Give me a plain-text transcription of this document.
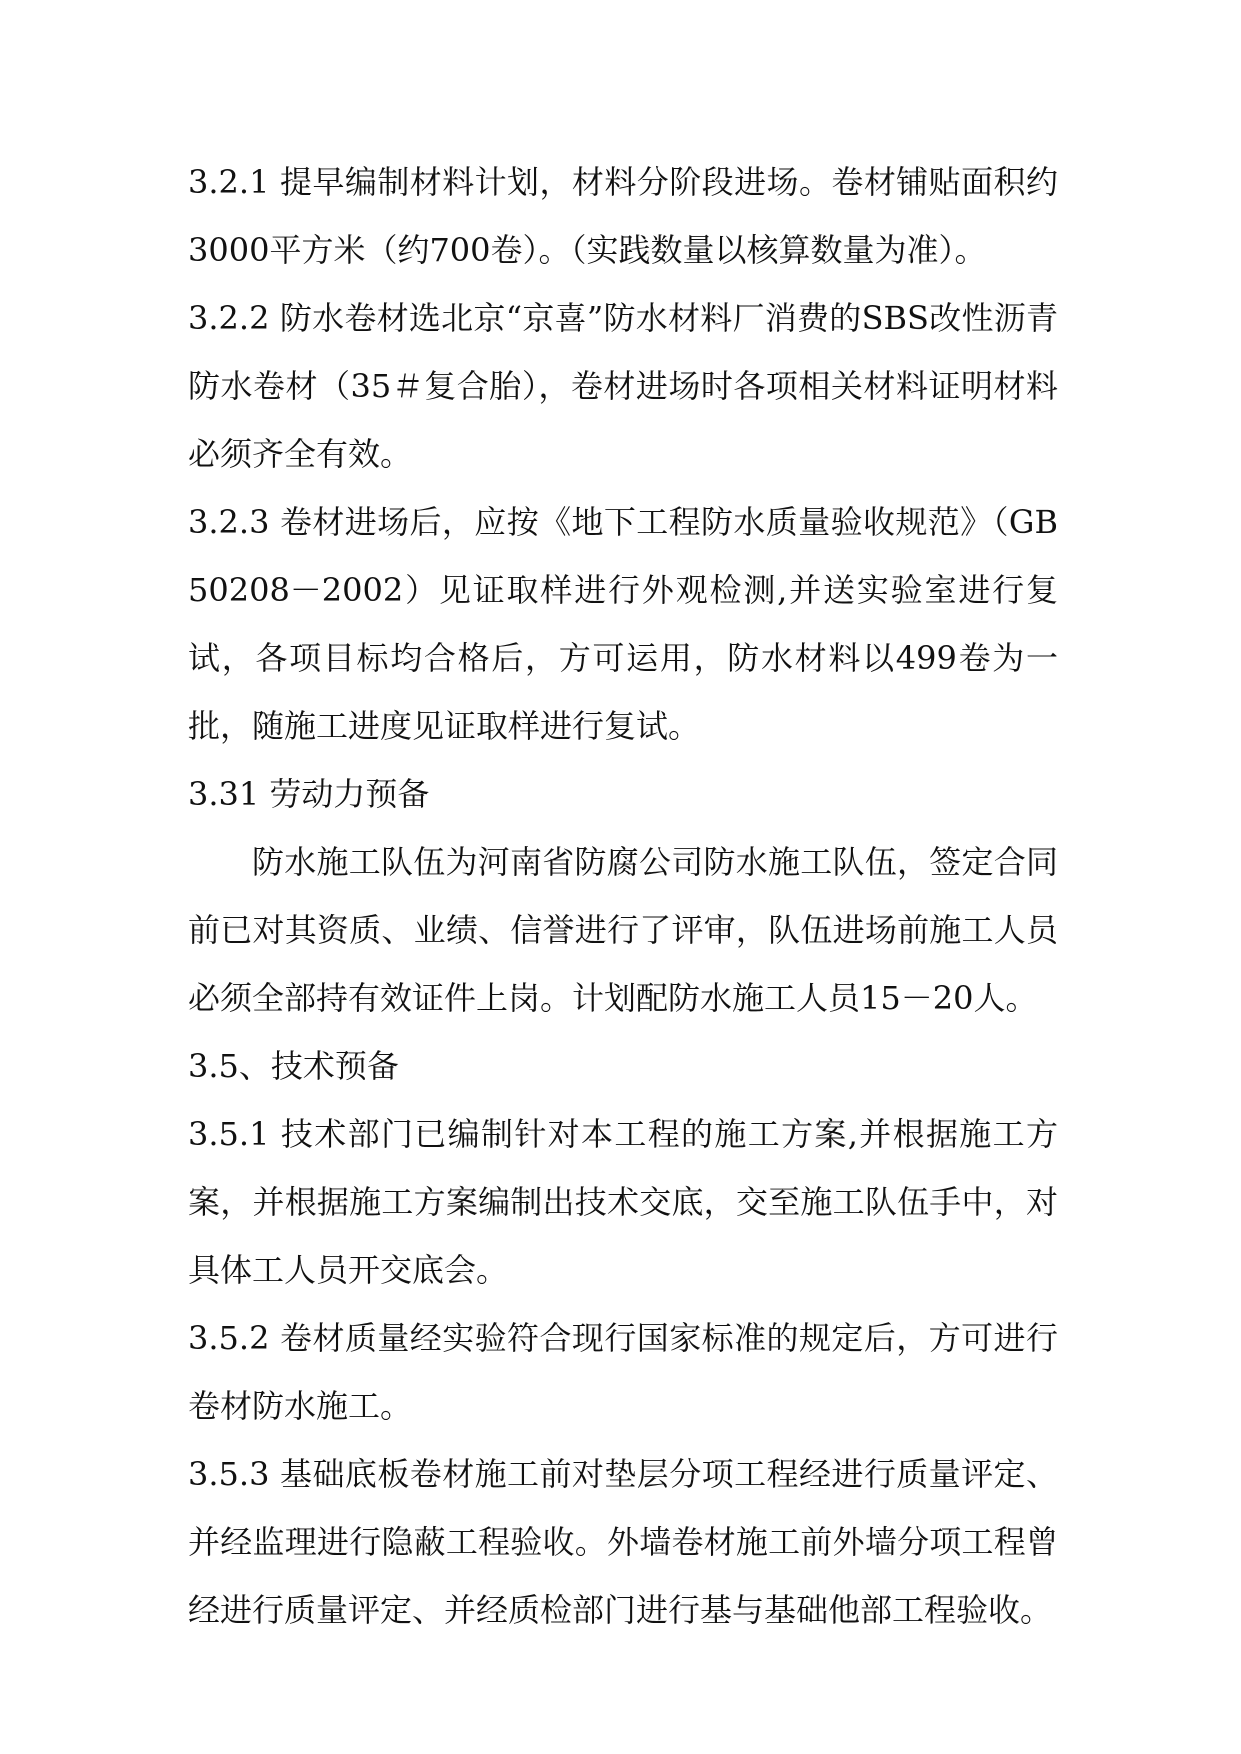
3.2.1 提早编制材料计划，材料分阶段进场。卷材铺贴面积约3000平方米（约700卷）。（实践数量以核算数量为准）。

3.2.2 防水卷材选北京“京喜”防水材料厂消费的SBS改性沥青防水卷材（35＃复合胎），卷材进场时各项相关材料证明材料必须齐全有效。

3.2.3 卷材进场后，应按《地下工程防水质量验收规范》（GB50208－2002）见证取样进行外观检测,并送实验室进行复试，各项目标均合格后，方可运用，防水材料以499卷为一批，随施工进度见证取样进行复试。

3.31 劳动力预备

防水施工队伍为河南省防腐公司防水施工队伍，签定合同前已对其资质、业绩、信誉进行了评审，队伍进场前施工人员必须全部持有效证件上岗。计划配防水施工人员15－20人。

3.5、技术预备

3.5.1 技术部门已编制针对本工程的施工方案,并根据施工方案，并根据施工方案编制出技术交底，交至施工队伍手中，对具体工人员开交底会。

3.5.2 卷材质量经实验符合现行国家标准的规定后，方可进行卷材防水施工。

3.5.3 基础底板卷材施工前对垫层分项工程经进行质量评定、并经监理进行隐蔽工程验收。外墙卷材施工前外墙分项工程曾经进行质量评定、并经质检部门进行基与基础他部工程验收。
